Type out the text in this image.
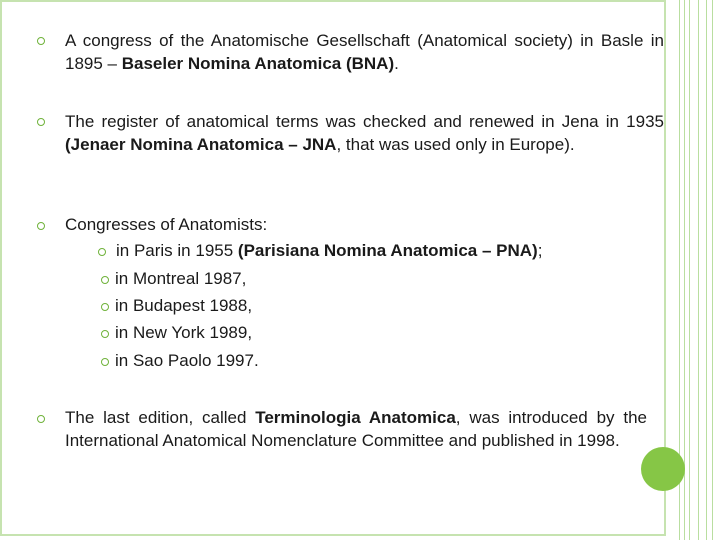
A congress of the Anatomische Gesellschaft (Anatomical society) in Basle in 1895 – Baseler Nomina Anatomica (BNA).
The register of anatomical terms was checked and renewed in Jena in 1935 (Jenaer Nomina Anatomica – JNA, that was used only in Europe).
Congresses of Anatomists:
in Paris in 1955 (Parisiana Nomina Anatomica – PNA);
in Montreal 1987,
in Budapest 1988,
in New York 1989,
in Sao Paolo 1997.
The last edition, called Terminologia Anatomica, was introduced by the International Anatomical Nomenclature Committee and published in 1998.
